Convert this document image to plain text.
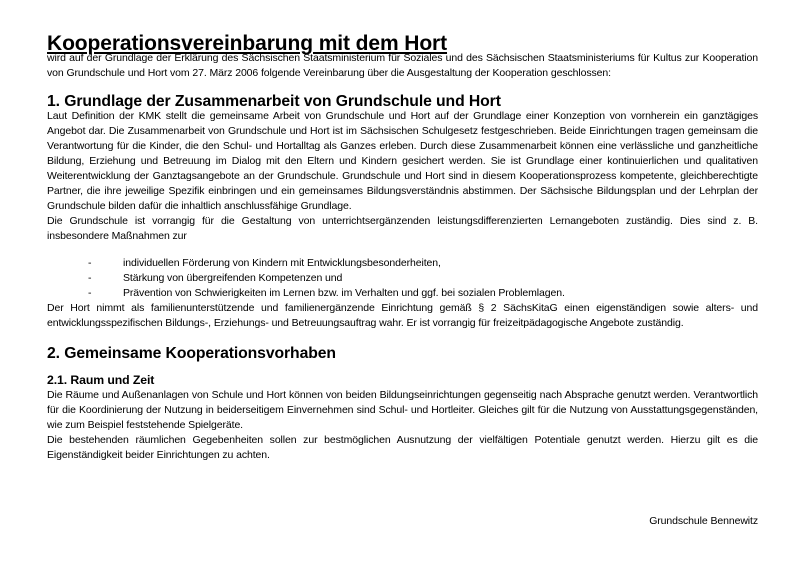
Kooperationsvereinbarung mit dem Hort

wird auf der Grundlage der Erklärung des Sächsischen Staatsministerium für Soziales und des Sächsischen Staatsministeriums für Kultus zur Kooperation von Grundschule und Hort vom 27. März 2006 folgende Vereinbarung über die Ausgestaltung der Kooperation geschlossen:

1. Grundlage der Zusammenarbeit von Grundschule und Hort

Laut Definition der KMK stellt die gemeinsame Arbeit von Grundschule und Hort auf der Grundlage einer Konzeption von vornherein ein ganztägiges Angebot dar. Die Zusammenarbeit von Grundschule und Hort ist im Sächsischen Schulgesetz festgeschrieben. Beide Einrichtungen tragen gemeinsam die Verantwortung für die Kinder, die den Schul- und Hortalltag als Ganzes erleben. Durch diese Zusammenarbeit können eine verlässliche und ganzheitliche Bildung, Erziehung und Betreuung im Dialog mit den Eltern und Kindern gesichert werden. Sie ist Grundlage einer kontinuierlichen und qualitativen Weiterentwicklung der Ganztagsangebote an der Grundschule. Grundschule und Hort sind in diesem Kooperationsprozess kompetente, gleichberechtigte Partner, die ihre jeweilige Spezifik einbringen und ein gemeinsames Bildungsverständnis abstimmen. Der Sächsische Bildungsplan und der Lehrplan der Grundschule bilden dafür die inhaltlich anschlussfähige Grundlage.

Die Grundschule ist vorrangig für die Gestaltung von unterrichtsergänzenden leistungsdifferenzierten Lernangeboten zuständig. Dies sind z. B. insbesondere Maßnahmen zur

-	individuellen Förderung von Kindern mit Entwicklungsbesonderheiten,
-	Stärkung von übergreifenden Kompetenzen und
-	Prävention von Schwierigkeiten im Lernen bzw. im Verhalten und ggf. bei sozialen Problemlagen.

Der Hort nimmt als familienunterstützende und familienergänzende Einrichtung gemäß § 2 SächsKitaG einen eigenständigen sowie alters- und entwicklungsspezifischen Bildungs-, Erziehungs- und Betreuungsauftrag wahr. Er ist vorrangig für freizeitpädagogische Angebote zuständig.

2. Gemeinsame Kooperationsvorhaben
2.1. Raum und Zeit

Die Räume und Außenanlagen von Schule und Hort können von beiden Bildungseinrichtungen gegenseitig nach Absprache genutzt werden. Verantwortlich für die Koordinierung der Nutzung in beiderseitigem Einvernehmen sind Schul- und Hortleiter. Gleiches gilt für die Nutzung von Ausstattungsgegenständen, wie zum Beispiel feststehende Spielgeräte.

Die bestehenden räumlichen Gegebenheiten sollen zur bestmöglichen Ausnutzung der vielfältigen Potentiale genutzt werden. Hierzu gilt es die Eigenständigkeit beider Einrichtungen zu achten.

Grundschule Bennewitz
